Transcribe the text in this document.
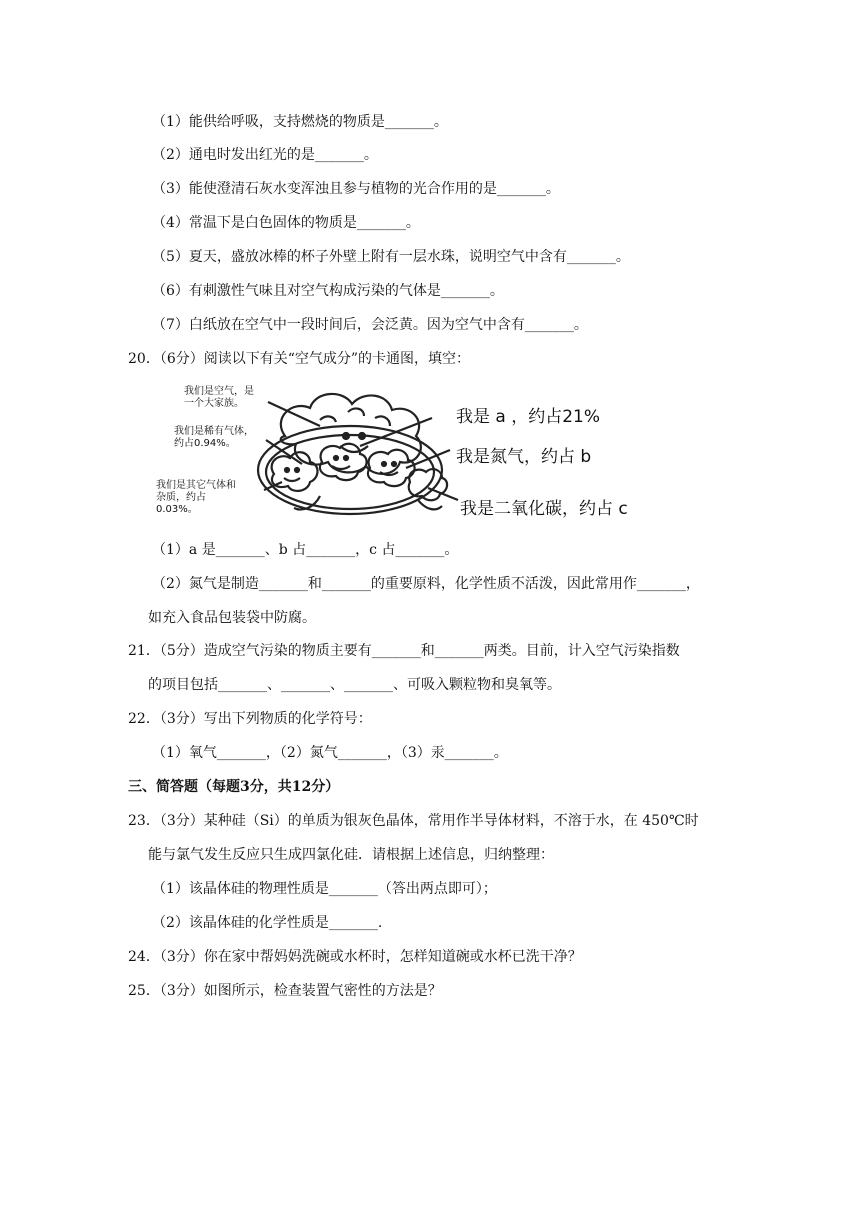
（1）能供给呼吸，支持燃烧的物质是_______。
（2）通电时发出红光的是_______。
（3）能使澄清石灰水变浑浊且参与植物的光合作用的是_______。
（4）常温下是白色固体的物质是_______。
（5）夏天，盛放冰棒的杯子外壁上附有一层水珠，说明空气中含有_______。
（6）有刺激性气味且对空气构成污染的气体是_______。
（7）白纸放在空气中一段时间后，会泛黄。因为空气中含有_______。
20．（6分）阅读以下有关“空气成分”的卡通图，填空：
我们是空气，是一个大家族。
我们是稀有气体，约占0.94%。
我们是其它气体和杂质，约占0.03%。
我是 a ，约占21%
我是氮气，约占 b
我是二氧化碳，约占 c
（1）a 是_______、b 占_______，c 占_______。
（2）氮气是制造_______和_______的重要原料，化学性质不活泼，因此常用作_______，
如充入食品包装袋中防腐。
21．（5分）造成空气污染的物质主要有_______和_______两类。目前，计入空气污染指数
的项目包括_______、_______、_______、可吸入颗粒物和臭氧等。
22．（3分）写出下列物质的化学符号：
（1）氧气_______，（2）氮气_______，（3）汞_______。
三、简答题（每题3分，共12分）
23．（3分）某种硅（Si）的单质为银灰色晶体，常用作半导体材料，不溶于水，在 450℃时
能与氯气发生反应只生成四氯化硅．请根据上述信息，归纳整理：
（1）该晶体硅的物理性质是_______（答出两点即可）；
（2）该晶体硅的化学性质是_______.
24．（3分）你在家中帮妈妈洗碗或水杯时，怎样知道碗或水杯已洗干净？
25．（3分）如图所示，检查装置气密性的方法是？
